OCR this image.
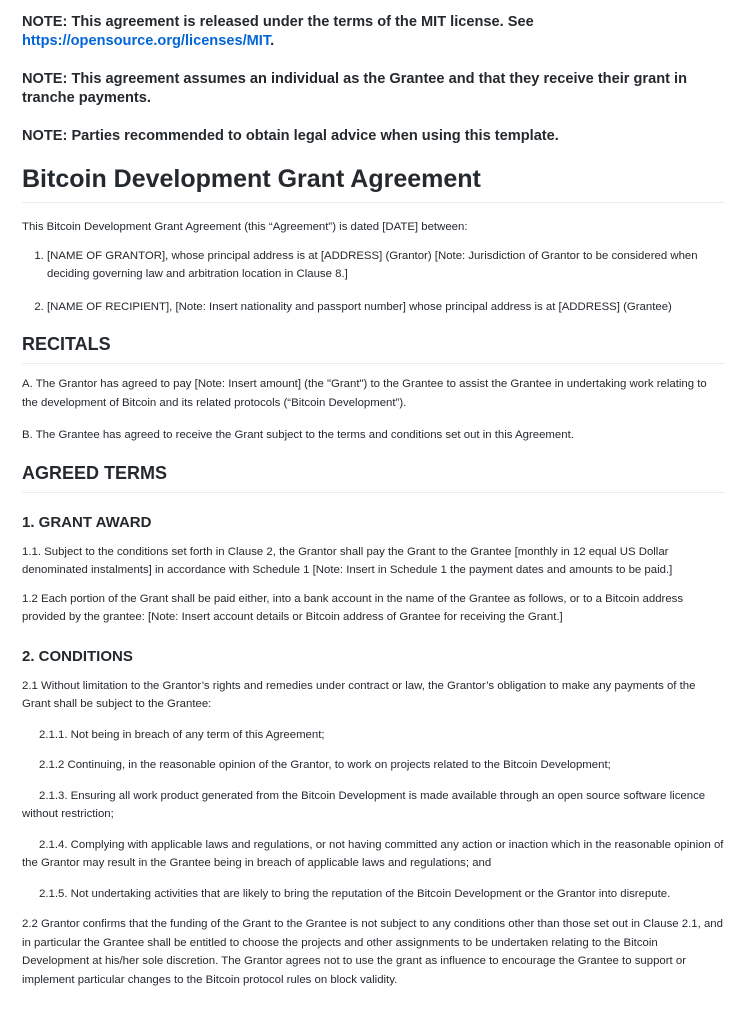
NOTE: This agreement is released under the terms of the MIT license. See https://opensource.org/licenses/MIT.

NOTE: This agreement assumes an individual as the Grantee and that they receive their grant in tranche payments.

NOTE: Parties recommended to obtain legal advice when using this template.

Bitcoin Development Grant Agreement

This Bitcoin Development Grant Agreement (this “Agreement”) is dated [DATE] between:

1. [NAME OF GRANTOR], whose principal address is at [ADDRESS] (Grantor) [Note: Jurisdiction of Grantor to be considered when deciding governing law and arbitration location in Clause 8.]
2. [NAME OF RECIPIENT], [Note: Insert nationality and passport number] whose principal address is at [ADDRESS] (Grantee)
RECITALS

A. The Grantor has agreed to pay [Note: Insert amount] (the "Grant") to the Grantee to assist the Grantee in undertaking work relating to the development of Bitcoin and its related protocols (“Bitcoin Development”).

B. The Grantee has agreed to receive the Grant subject to the terms and conditions set out in this Agreement.

AGREED TERMS
1. GRANT AWARD

1.1. Subject to the conditions set forth in Clause 2, the Grantor shall pay the Grant to the Grantee [monthly in 12 equal US Dollar denominated instalments] in accordance with Schedule 1 [Note: Insert in Schedule 1 the payment dates and amounts to be paid.]

1.2 Each portion of the Grant shall be paid either, into a bank account in the name of the Grantee as follows, or to a Bitcoin address provided by the grantee: [Note: Insert account details or Bitcoin address of Grantee for receiving the Grant.]

2. CONDITIONS

2.1 Without limitation to the Grantor’s rights and remedies under contract or law, the Grantor’s obligation to make any payments of the Grant shall be subject to the Grantee:

2.1.1. Not being in breach of any term of this Agreement;

2.1.2 Continuing, in the reasonable opinion of the Grantor, to work on projects related to the Bitcoin Development;

2.1.3. Ensuring all work product generated from the Bitcoin Development is made available through an open source software licence without restriction;

2.1.4. Complying with applicable laws and regulations, or not having committed any action or inaction which in the reasonable opinion of the Grantor may result in the Grantee being in breach of applicable laws and regulations; and

2.1.5. Not undertaking activities that are likely to bring the reputation of the Bitcoin Development or the Grantor into disrepute.

2.2 Grantor confirms that the funding of the Grant to the Grantee is not subject to any conditions other than those set out in Clause 2.1, and in particular the Grantee shall be entitled to choose the projects and other assignments to be undertaken relating to the Bitcoin Development at his/her sole discretion. The Grantor agrees not to use the grant as influence to encourage the Grantee to support or implement particular changes to the Bitcoin protocol rules on block validity.
